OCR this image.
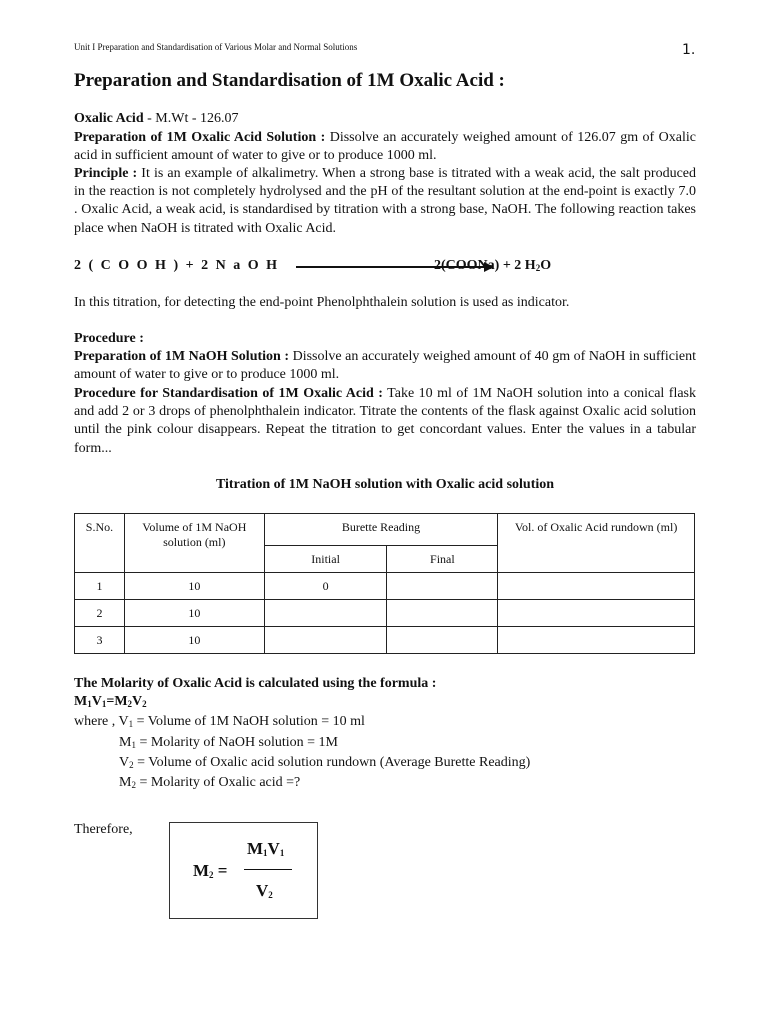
Unit I Preparation and Standardisation of Various Molar and Normal Solutions	1.
Preparation and Standardisation of 1M Oxalic Acid :
Oxalic Acid - M.Wt - 126.07
Preparation of 1M Oxalic Acid Solution : Dissolve an accurately weighed amount of 126.07 gm of Oxalic acid in sufficient amount of water to give or to produce 1000 ml.
Principle : It is an example of alkalimetry. When a strong base is titrated with a weak acid, the salt produced in the reaction is not completely hydrolysed and the pH of the resultant solution at the end-point is exactly 7.0 . Oxalic Acid, a weak acid, is standardised by titration with a strong base, NaOH. The following reaction takes place when NaOH is titrated with Oxalic Acid.
2 ( C O O H ) + 2 N a O H	2(COONa) + 2 $H_2O$
In this titration, for detecting the end-point Phenolphthalein solution is used as indicator.
Procedure :
Preparation of 1M NaOH Solution : Dissolve an accurately weighed amount of 40 gm of NaOH in sufficient amount of water to give or to produce 1000 ml.
Procedure for Standardisation of 1M Oxalic Acid : Take 10 ml of 1M NaOH solution into a conical flask and add 2 or 3 drops of phenolphthalein indicator. Titrate the contents of the flask against Oxalic acid solution until the pink colour disappears. Repeat the titration to get concordant values. Enter the values in a tabular form...
Titration of 1M NaOH solution with Oxalic acid solution
S.No.	Volume of 1M NaOH solution (ml)	Burette Reading		Vol. of Oxalic Acid rundown (ml)
		Initial	Final	
1	10	0		
2	10			
3	10			
The Molarity of Oxalic Acid is calculated using the formula :
$M_1V_1=M_2V_2$
where , $V_1$ = Volume of 1M NaOH solution = 10 ml
$M_1$ = Molarity of NaOH solution = 1M
$V_2$ = Volume of Oxalic acid solution rundown (Average Burette Reading)
$M_2$ = Molarity of Oxalic acid =?
Therefore,
$M_2$ =
$M_1V_1$
$V_2$
